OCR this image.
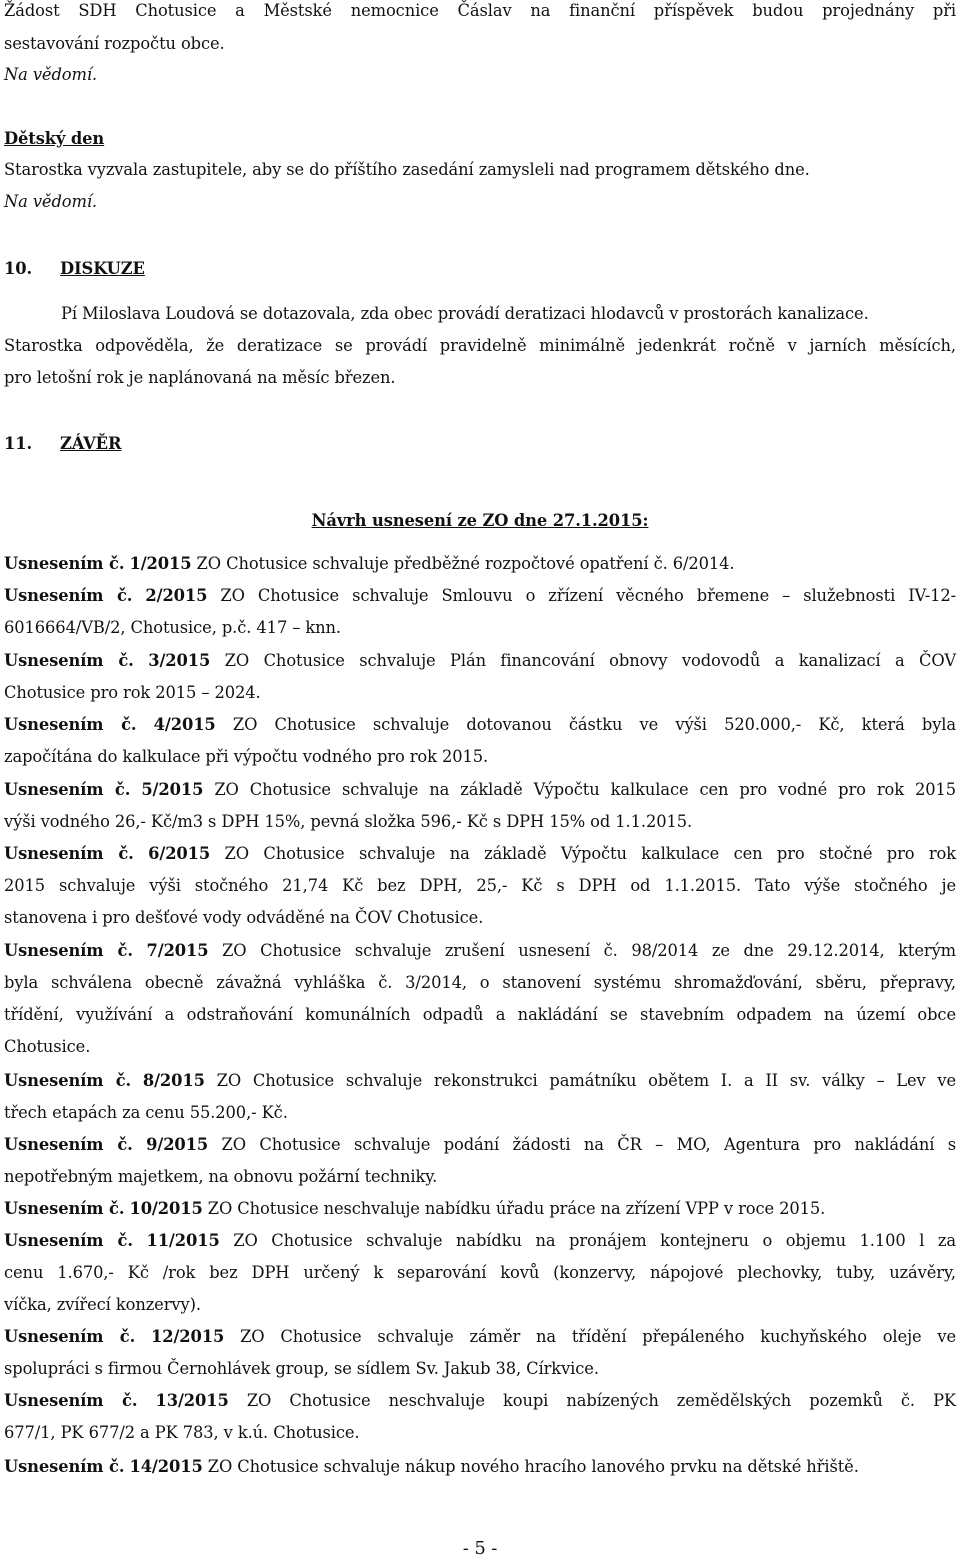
Žádost SDH Chotusice a Městské nemocnice Čáslav na finanční příspěvek budou projednány při
sestavování rozpočtu obce.
Na vědomí.
Dětský den
Starostka vyzvala zastupitele, aby se do příštího zasedání zamysleli nad programem dětského dne.
Na vědomí.
10. DISKUZE
Pí Miloslava Loudová se dotazovala, zda obec provádí deratizaci hlodavců v prostorách kanalizace.
Starostka odpověděla, že deratizace se provádí pravidelně minimálně jedenkrát ročně v jarních měsících,
pro letošní rok je naplánovaná na měsíc březen.
11. ZÁVĚR
Návrh usnesení ze ZO dne 27.1.2015:
Usnesením č. 1/2015 ZO Chotusice schvaluje předběžné rozpočtové opatření č. 6/2014.
Usnesením č. 2/2015 ZO Chotusice schvaluje Smlouvu o zřízení věcného břemene – služebnosti IV-12-
6016664/VB/2, Chotusice, p.č. 417 – knn.
Usnesením č. 3/2015 ZO Chotusice schvaluje Plán financování obnovy vodovodů a kanalizací a ČOV
Chotusice pro rok 2015 – 2024.
Usnesením č. 4/2015 ZO Chotusice schvaluje dotovanou částku ve výši 520.000,- Kč, která byla
započítána do kalkulace při výpočtu vodného pro rok 2015.
Usnesením č. 5/2015 ZO Chotusice schvaluje na základě Výpočtu kalkulace cen pro vodné pro rok 2015
výši vodného 26,- Kč/m3 s DPH 15%, pevná složka 596,- Kč s DPH 15% od 1.1.2015.
Usnesením č. 6/2015 ZO Chotusice schvaluje na základě Výpočtu kalkulace cen pro stočné pro rok
2015 schvaluje výši stočného 21,74 Kč bez DPH, 25,- Kč s DPH od 1.1.2015. Tato výše stočného je
stanovena i pro dešťové vody odváděné na ČOV Chotusice.
Usnesením č. 7/2015 ZO Chotusice schvaluje zrušení usnesení č. 98/2014 ze dne 29.12.2014, kterým
byla schválena obecně závažná vyhláška č. 3/2014, o stanovení systému shromažďování, sběru, přepravy,
třídění, využívání a odstraňování komunálních odpadů a nakládání se stavebním odpadem na území obce
Chotusice.
Usnesením č. 8/2015 ZO Chotusice schvaluje rekonstrukci památníku obětem I. a II sv. války – Lev ve
třech etapách za cenu 55.200,- Kč.
Usnesením č. 9/2015 ZO Chotusice schvaluje podání žádosti na ČR – MO, Agentura pro nakládání s
nepotřebným majetkem, na obnovu požární techniky.
Usnesením č. 10/2015 ZO Chotusice neschvaluje nabídku úřadu práce na zřízení VPP v roce 2015.
Usnesením č. 11/2015 ZO Chotusice schvaluje nabídku na pronájem kontejneru o objemu 1.100 l za
cenu 1.670,- Kč /rok bez DPH určený k separování kovů (konzervy, nápojové plechovky, tuby, uzávěry,
víčka, zvířecí konzervy).
Usnesením č. 12/2015 ZO Chotusice schvaluje záměr na třídění přepáleného kuchyňského oleje ve
spolupráci s firmou Černohlávek group, se sídlem Sv. Jakub 38, Církvice.
Usnesením č. 13/2015 ZO Chotusice neschvaluje koupi nabízených zemědělských pozemků č. PK
677/1, PK 677/2 a PK 783, v k.ú. Chotusice.
Usnesením č. 14/2015 ZO Chotusice schvaluje nákup nového hracího lanového prvku na dětské hřiště.
- 5 -
